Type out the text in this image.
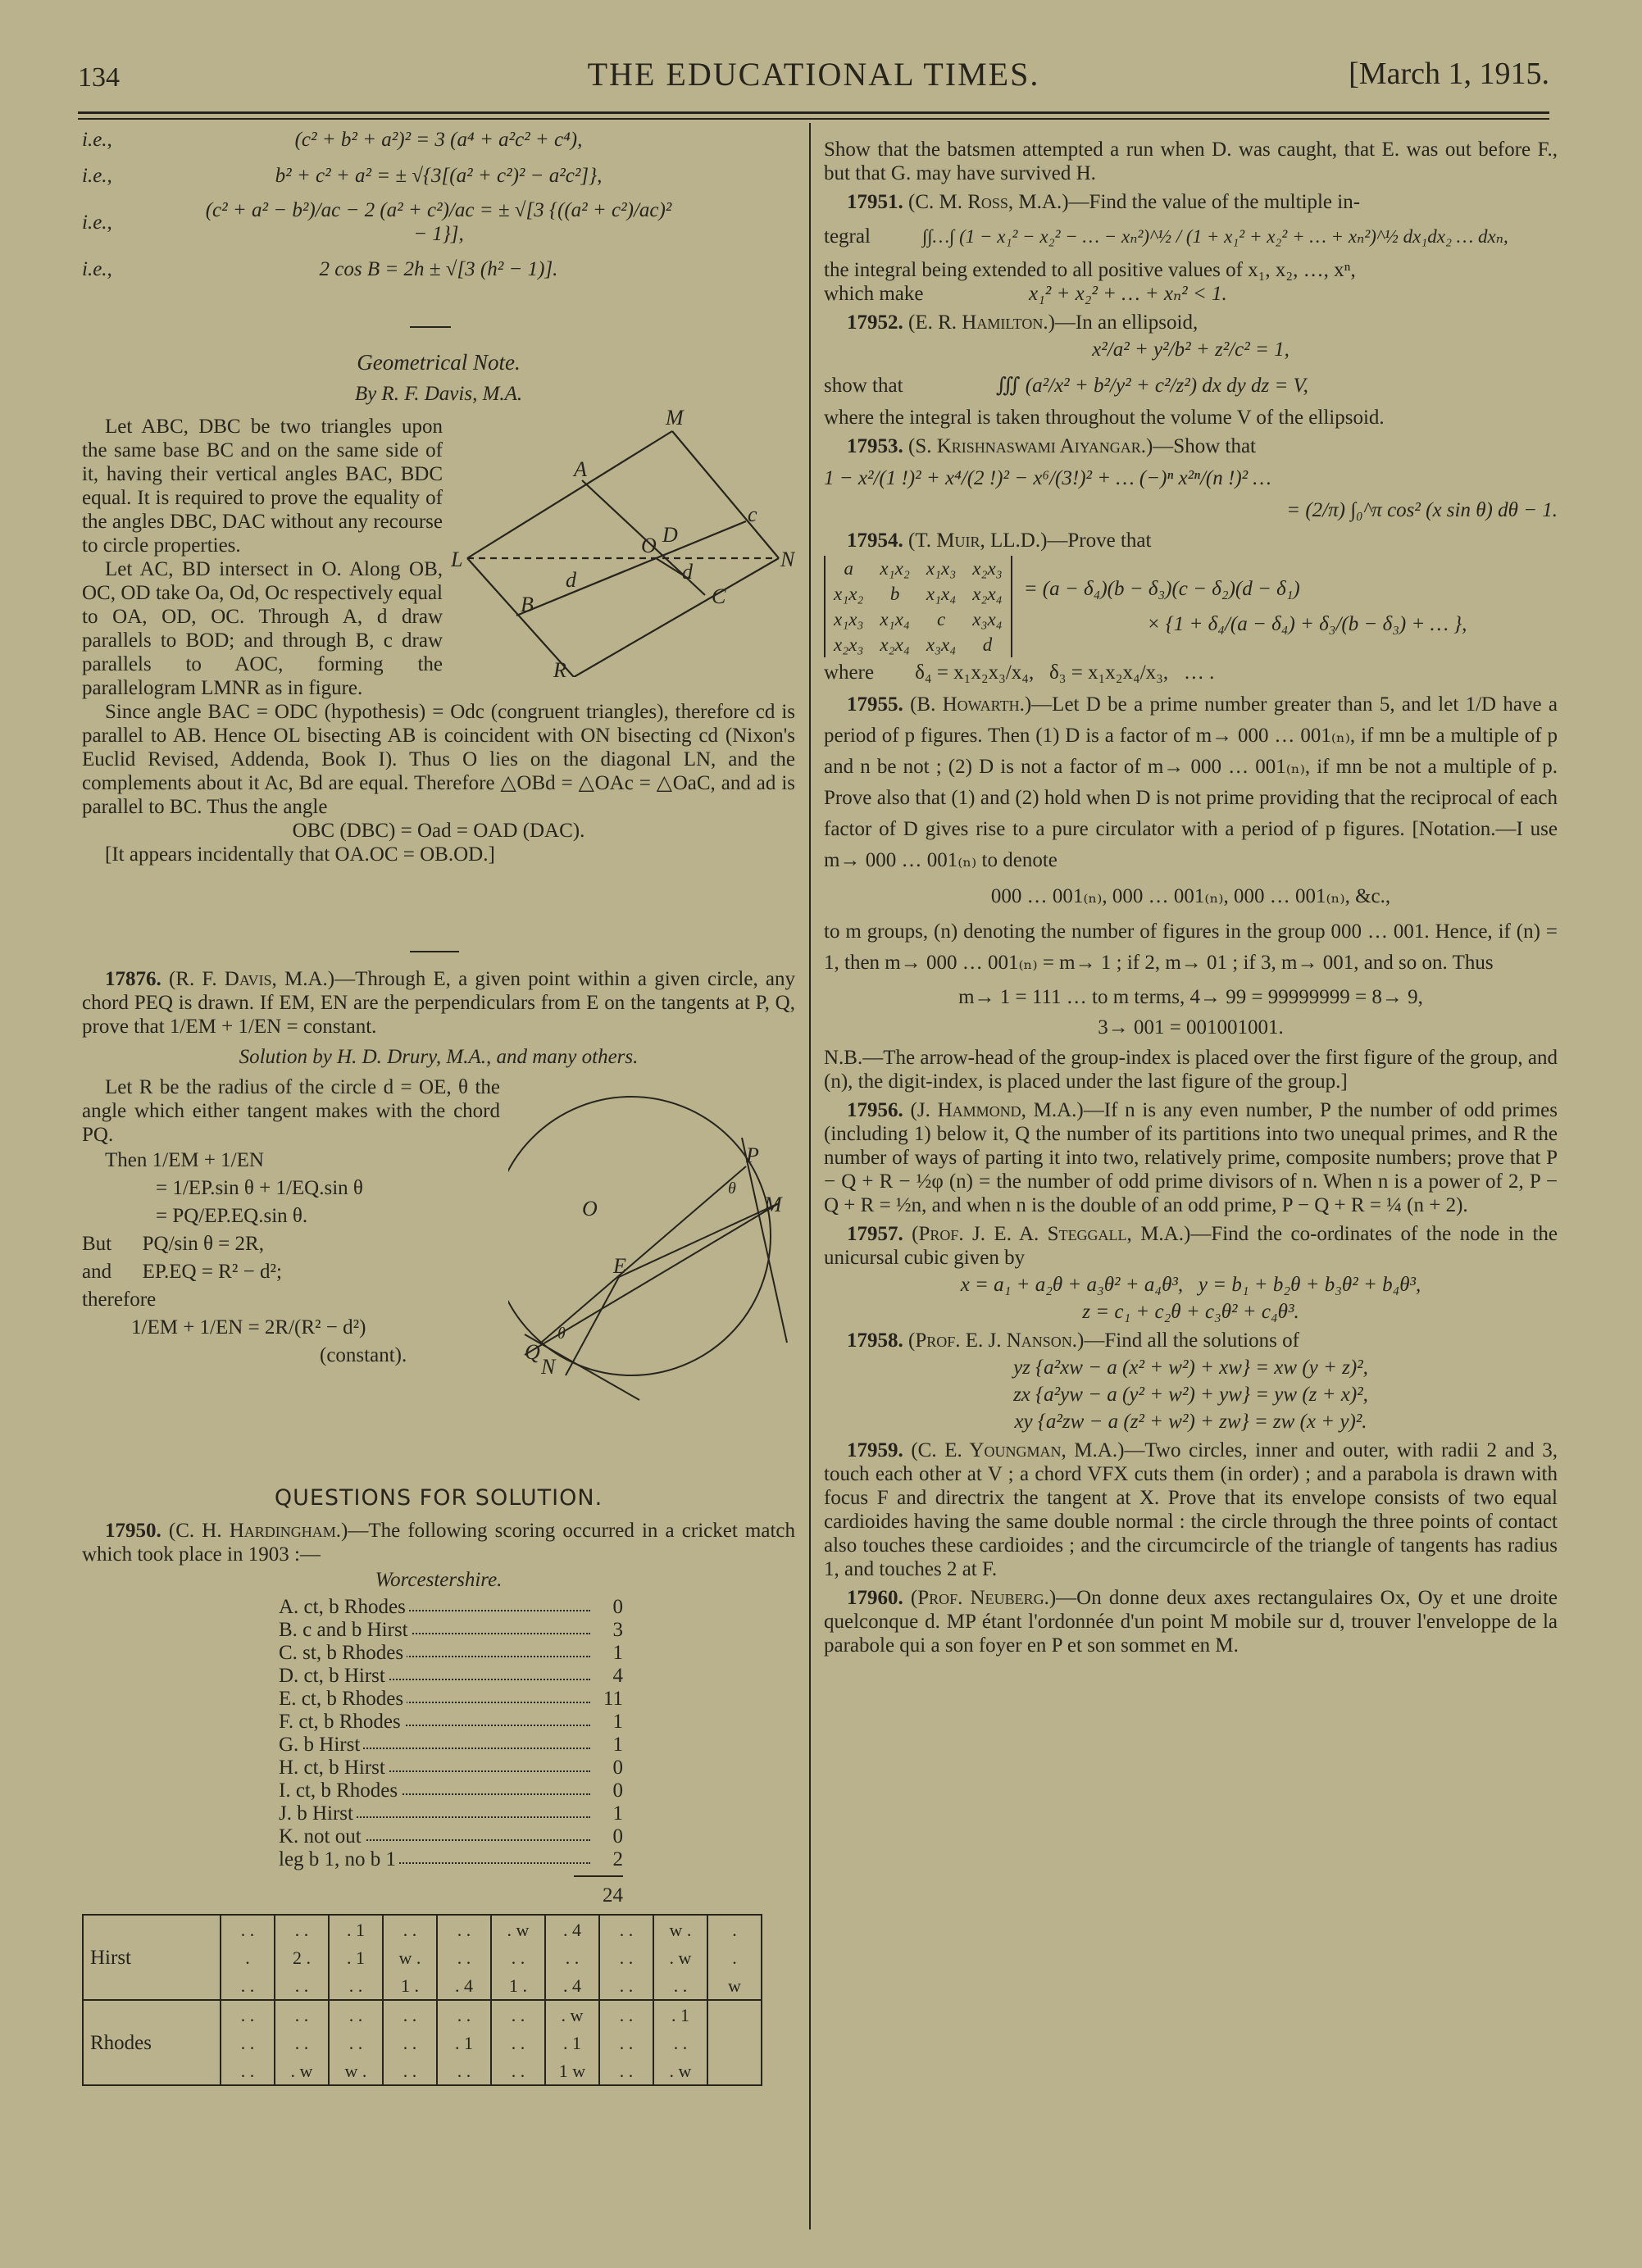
134	THE EDUCATIONAL TIMES.	[March 1, 1915.
i.e.,	(c² + b² + a²)² = 3 (a⁴ + a²c² + c⁴),
i.e.,	b² + c² + a² = ± √{3[(a² + c²)² − a²c²]},
i.e.,
(c² + a² − b²)/ac − 2 (a² + c²)/ac = ± √[3 {((a² + c²)/ac)² − 1}],
i.e.,	2 cos B = 2h ± √[3 (h² − 1)].

Geometrical Note.

By R. F. Davis, M.A.

M
A
L
O D
c
N
d
d
B	C
R

Let ABC, DBC be two triangles upon the same base BC and on the same side of it, having their vertical angles BAC, BDC equal. It is required to prove the equality of the angles DBC, DAC without any recourse to circle properties.

Let AC, BD intersect in O. Along OB, OC, OD take Oa, Od, Oc respectively equal to OA, OD, OC. Through A, d draw parallels to BOD; and through B, c draw parallels to AOC, forming the parallelogram LMNR as in figure.

Since angle BAC = ODC (hypothesis) = Odc (congruent triangles), therefore cd is parallel to AB. Hence OL bisecting AB is coincident with ON bisecting cd (Nixon's Euclid Revised, Addenda, Book I). Thus O lies on the diagonal LN, and the complements about it Ac, Bd are equal. Therefore △OBd = △OAc = △OaC, and ad is parallel to BC. Thus the angle

OBC (DBC) = Oad = OAD (DAC).

[It appears incidentally that OA.OC = OB.OD.]

17876. (R. F. Davis, M.A.)—Through E, a given point within a given circle, any chord PEQ is drawn. If EM, EN are the perpendiculars from E on the tangents at P, Q, prove that 1/EM + 1/EN = constant.

Solution by H. D. Drury, M.A., and many others.

P
θ
M
O
E
θ
Q
N

Let R be the radius of the circle d = OE, θ the angle which either tangent makes with the chord PQ.

Then 1/EM + 1/EN
= 1/EP.sin θ + 1/EQ.sin θ
= PQ/EP.EQ.sin θ.
But      PQ/sin θ = 2R,
and      EP.EQ = R² − d²;
therefore
1/EM + 1/EN = 2R/(R² − d²)
(constant).

QUESTIONS FOR SOLUTION.

17950. (C. H. Hardingham.)—The following scoring occurred in a cricket match which took place in 1903 :—

Worcestershire.

A. ct, b Rhodes	0
B. c and b Hirst	3
C. st, b Rhodes	1
D. ct, b Hirst	4
E. ct, b Rhodes	11
F. ct, b Rhodes	1
G. b Hirst	1
H. ct, b Hirst	0
I. ct, b Rhodes	0
J. b Hirst	1
K. not out	0
leg b 1, no b 1	2
24
Hirst	. .	. .	. 1	. .	. .	. w	. 4	. .	w .	.
	.	2 .	. 1	w .	. .	. .	. .	. .	. w	.
	. .	. .	. .	1 .	. 4	1 .	. 4	. .	. .	w
Rhodes	. .	. .	. .	. .	. .	. .	. w	. .	. 1	
	. .	. .	. .	. .	. 1	. .	. 1	. .	. .	
	. .	. w	w .	. .	. .	. .	1 w	. .	. w	

Show that the batsmen attempted a run when D. was caught, that E. was out before F., but that G. may have survived H.

17951. (C. M. Ross, M.A.)—Find the value of the multiple in-

tegral	∫∫…∫ (1 − x₁² − x₂² − … − xₙ²)^½ / (1 + x₁² + x₂² + … + xₙ²)^½ dx₁dx₂ … dxₙ,

the integral being extended to all positive values of x₁, x₂, …, xⁿ,

which make	x₁² + x₂² + … + xₙ² < 1.

17952. (E. R. Hamilton.)—In an ellipsoid,

x²/a² + y²/b² + z²/c² = 1,

show that	∭ (a²/x² + b²/y² + c²/z²) dx dy dz = V,

where the integral is taken throughout the volume V of the ellipsoid.

17953. (S. Krishnaswami Aiyangar.)—Show that

1 − x²/(1 !)² + x⁴/(2 !)² − x⁶/(3!)² + … (−)ⁿ x²ⁿ/(n !)² …

= (2/π) ∫₀^π cos² (x sin θ) dθ − 1.

17954. (T. Muir, LL.D.)—Prove that

a	x₁x₂	x₁x₃	x₂x₃
x₁x₂	b	x₁x₄	x₂x₄
x₁x₃	x₁x₄	c	x₃x₄
x₂x₃	x₂x₄	x₃x₄	d
= (a − δ₄)(b − δ₃)(c − δ₂)(d − δ₁)
× {1 + δ₄/(a − δ₄) + δ₃/(b − δ₃) + … },

where        δ₄ = x₁x₂x₃/x₄,   δ₃ = x₁x₂x₄/x₃,   … .

17955. (B. Howarth.)—Let D be a prime number greater than 5, and let 1/D have a period of p figures. Then (1) D is a factor of m→ 000 … 001₍ₙ₎, if mn be a multiple of p and n be not ; (2) D is not a factor of m→ 000 … 001₍ₙ₎, if mn be not a multiple of p. Prove also that (1) and (2) hold when D is not prime providing that the reciprocal of each factor of D gives rise to a pure circulator with a period of p figures. [Notation.—I use m→ 000 … 001₍ₙ₎ to denote

000 … 001₍ₙ₎, 000 … 001₍ₙ₎, 000 … 001₍ₙ₎, &c.,

to m groups, (n) denoting the number of figures in the group 000 … 001. Hence, if (n) = 1, then m→ 000 … 001₍ₙ₎ = m→ 1 ; if 2, m→ 01 ; if 3, m→ 001, and so on. Thus

m→ 1 = 111 … to m terms, 4→ 99 = 99999999 = 8→ 9,

3→ 001 = 001001001.

N.B.—The arrow-head of the group-index is placed over the first figure of the group, and (n), the digit-index, is placed under the last figure of the group.]

17956. (J. Hammond, M.A.)—If n is any even number, P the number of odd primes (including 1) below it, Q the number of its partitions into two unequal primes, and R the number of ways of parting it into two, relatively prime, composite numbers; prove that P − Q + R − ½φ (n) = the number of odd prime divisors of n. When n is a power of 2, P − Q + R = ½n, and when n is the double of an odd prime, P − Q + R = ¼ (n + 2).

17957. (Prof. J. E. A. Steggall, M.A.)—Find the co-ordinates of the node in the unicursal cubic given by

x = a₁ + a₂θ + a₃θ² + a₄θ³,   y = b₁ + b₂θ + b₃θ² + b₄θ³,

z = c₁ + c₂θ + c₃θ² + c₄θ³.

17958. (Prof. E. J. Nanson.)—Find all the solutions of

yz {a²xw − a (x² + w²) + xw} = xw (y + z)²,

zx {a²yw − a (y² + w²) + yw} = yw (z + x)²,

xy {a²zw − a (z² + w²) + zw} = zw (x + y)².

17959. (C. E. Youngman, M.A.)—Two circles, inner and outer, with radii 2 and 3, touch each other at V ; a chord VFX cuts them (in order) ; and a parabola is drawn with focus F and directrix the tangent at X. Prove that its envelope consists of two equal cardioides having the same double normal : the circle through the three points of contact also touches these cardioides ; and the circumcircle of the triangle of tangents has radius 1, and touches 2 at F.

17960. (Prof. Neuberg.)—On donne deux axes rectangulaires Ox, Oy et une droite quelconque d. MP étant l'ordonnée d'un point M mobile sur d, trouver l'enveloppe de la parabole qui a son foyer en P et son sommet en M.
